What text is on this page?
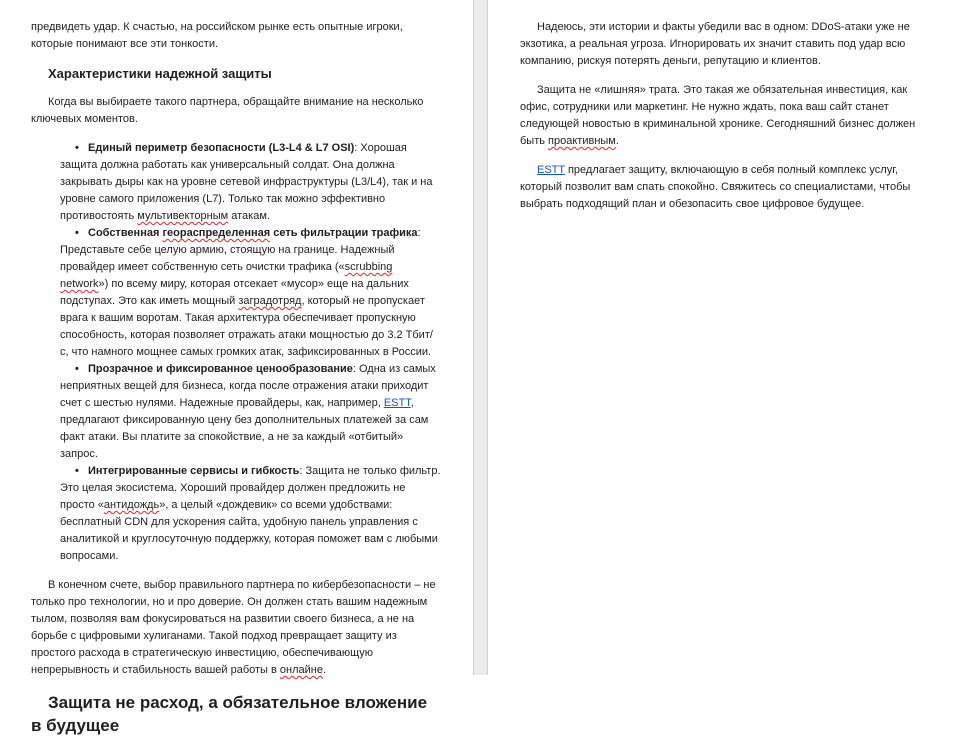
предвидеть удар. К счастью, на российском рынке есть опытные игроки, которые понимают все эти тонкости.

Характеристики надежной защиты

Когда вы выбираете такого партнера, обращайте внимание на несколько ключевых моментов.

• Единый периметр безопасности (L3-L4 & L7 OSI): Хорошая защита должна работать как универсальный солдат. Она должна закрывать дыры как на уровне сетевой инфраструктуры (L3/L4), так и на уровне самого приложения (L7). Только так можно эффективно противостоять мультивекторным атакам.
• Собственная геораспределенная сеть фильтрации трафика: Представьте себе целую армию, стоящую на границе. Надежный провайдер имеет собственную сеть очистки трафика («scrubbing network») по всему миру, которая отсекает «мусор» еще на дальних подступах. Это как иметь мощный заградотряд, который не пропускает врага к вашим воротам. Такая архитектура обеспечивает пропускную способность, которая позволяет отражать атаки мощностью до 3.2 Тбит/с, что намного мощнее самых громких атак, зафиксированных в России.
• Прозрачное и фиксированное ценообразование: Одна из самых неприятных вещей для бизнеса, когда после отражения атаки приходит счет с шестью нулями. Надежные провайдеры, как, например, ESTT, предлагают фиксированную цену без дополнительных платежей за сам факт атаки. Вы платите за спокойствие, а не за каждый «отбитый» запрос.
• Интегрированные сервисы и гибкость: Защита не только фильтр. Это целая экосистема. Хороший провайдер должен предложить не просто «антидождь», а целый «дождевик» со всеми удобствами: бесплатный CDN для ускорения сайта, удобную панель управления с аналитикой и круглосуточную поддержку, которая поможет вам с любыми вопросами.

В конечном счете, выбор правильного партнера по кибербезопасности – не только про технологии, но и про доверие. Он должен стать вашим надежным тылом, позволяя вам фокусироваться на развитии своего бизнеса, а не на борьбе с цифровыми хулиганами. Такой подход превращает защиту из простого расхода в стратегическую инвестицию, обеспечивающую непрерывность и стабильность вашей работы в онлайне.

Защита не расход, а обязательное вложение в будущее

Надеюсь, эти истории и факты убедили вас в одном: DDoS-атаки уже не экзотика, а реальная угроза. Игнорировать их значит ставить под удар всю компанию, рискуя потерять деньги, репутацию и клиентов.

Защита не «лишняя» трата. Это такая же обязательная инвестиция, как офис, сотрудники или маркетинг. Не нужно ждать, пока ваш сайт станет следующей новостью в криминальной хронике. Сегодняшний бизнес должен быть проактивным.

ESTT предлагает защиту, включающую в себя полный комплекс услуг, который позволит вам спать спокойно. Свяжитесь со специалистами, чтобы выбрать подходящий план и обезопасить свое цифровое будущее.
